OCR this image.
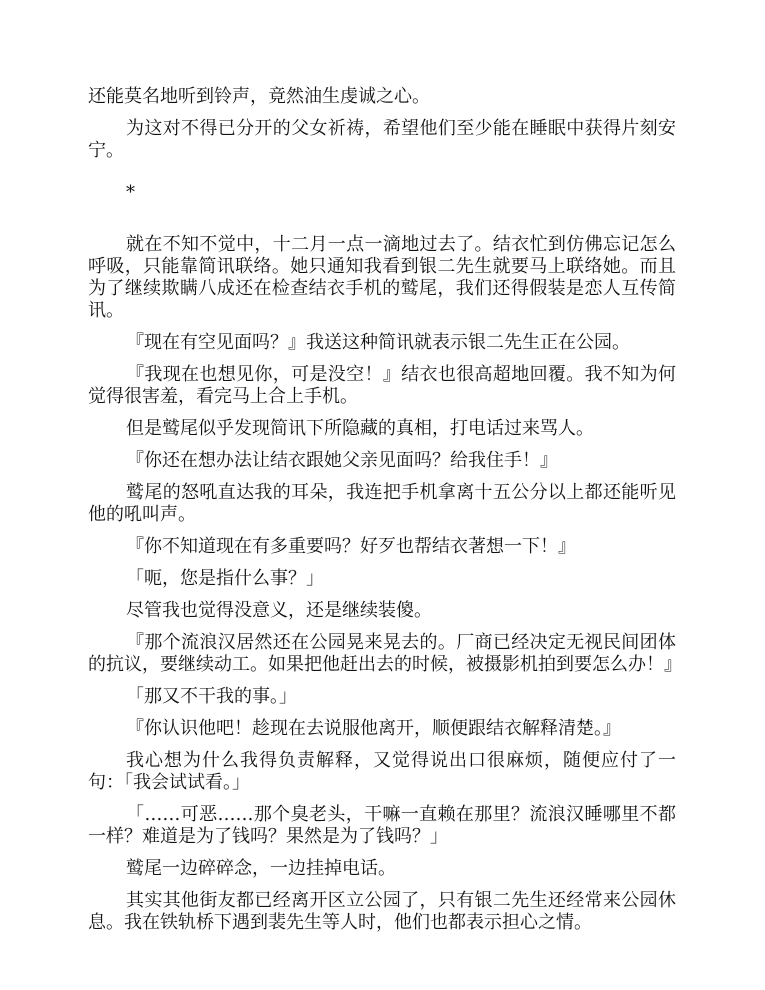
还能莫名地听到铃声，竟然油生虔诚之心。

为这对不得已分开的父女祈祷，希望他们至少能在睡眠中获得片刻安宁。

*

就在不知不觉中，十二月一点一滴地过去了。结衣忙到仿佛忘记怎么呼吸，只能靠简讯联络。她只通知我看到银二先生就要马上联络她。而且为了继续欺瞒八成还在检查结衣手机的鹫尾，我们还得假装是恋人互传简讯。

『现在有空见面吗？』我送这种简讯就表示银二先生正在公园。

『我现在也想见你，可是没空！』结衣也很高超地回覆。我不知为何觉得很害羞，看完马上合上手机。

但是鹫尾似乎发现简讯下所隐藏的真相，打电话过来骂人。

『你还在想办法让结衣跟她父亲见面吗？给我住手！』

鹫尾的怒吼直达我的耳朵，我连把手机拿离十五公分以上都还能听见他的吼叫声。

『你不知道现在有多重要吗？好歹也帮结衣著想一下！』

「呃，您是指什么事？」

尽管我也觉得没意义，还是继续装傻。

『那个流浪汉居然还在公园晃来晃去的。厂商已经决定无视民间团体的抗议，要继续动工。如果把他赶出去的时候，被摄影机拍到要怎么办！』

「那又不干我的事。」

『你认识他吧！趁现在去说服他离开，顺便跟结衣解释清楚。』

我心想为什么我得负责解释，又觉得说出口很麻烦，随便应付了一句：「我会试试看。」

「……可恶……那个臭老头，干嘛一直赖在那里？流浪汉睡哪里不都一样？难道是为了钱吗？果然是为了钱吗？」

鹫尾一边碎碎念，一边挂掉电话。

其实其他街友都已经离开区立公园了，只有银二先生还经常来公园休息。我在铁轨桥下遇到裴先生等人时，他们也都表示担心之情。
